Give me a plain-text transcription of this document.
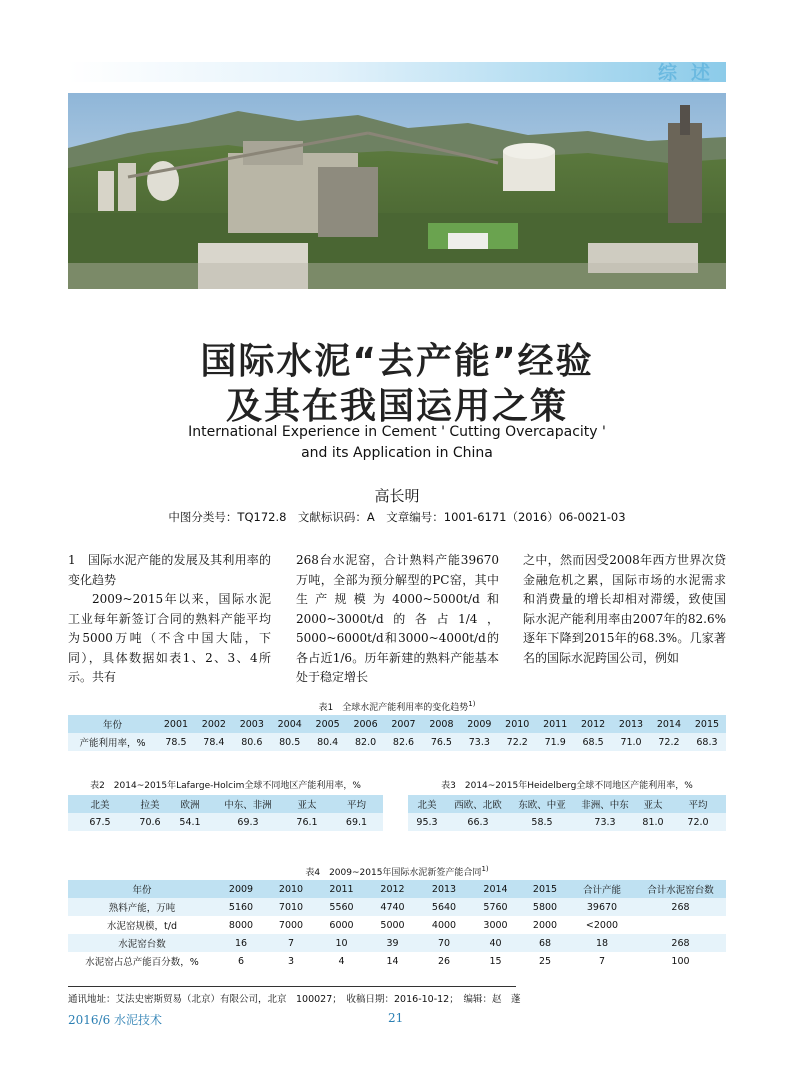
综述
国际水泥“去产能”经验
及其在我国运用之策
International Experience in Cement ' Cutting Overcapacity '
and its Application in China
高长明
中图分类号：TQ172.8　文献标识码：A　文章编号：1001-6171（2016）06-0021-03

1　国际水泥产能的发展及其利用率的变化趋势

2009~2015年以来，国际水泥工业每年新签订合同的熟料产能平均为5000万吨（不含中国大陆，下同），具体数据如表1、2、3、4所示。共有

268台水泥窑，合计熟料产能39670万吨，全部为预分解型的PC窑，其中生产规模为4000~5000t/d和2000~3000t/d的各占1/4，5000~6000t/d和3000~4000t/d的各占近1/6。历年新建的熟料产能基本处于稳定增长

之中，然而因受2008年西方世界次贷金融危机之累，国际市场的水泥需求和消费量的增长却相对滞缓，致使国际水泥产能利用率由2007年的82.6%逐年下降到2015年的68.3%。几家著名的国际水泥跨国公司，例如

表1　全球水泥产能利用率的变化趋势$^{1)}$
年份	2001	2002	2003	2004	2005	2006	2007	2008	2009	2010	2011	2012	2013	2014	2015
产能利用率，%	78.5	78.4	80.6	80.5	80.4	82.0	82.6	76.5	73.3	72.2	71.9	68.5	71.0	72.2	68.3
表2　2014~2015年Lafarge-Holcim全球不同地区产能利用率，%
北美	拉美	欧洲	中东、非洲	亚太	平均
67.5	70.6	54.1	69.3	76.1	69.1
表3　2014~2015年Heidelberg全球不同地区产能利用率，%
北美	西欧、北欧	东欧、中亚	非洲、中东	亚太	平均
95.3	66.3	58.5	73.3	81.0	72.0
表4　2009~2015年国际水泥新签产能合同$^{1)}$
年份	2009	2010	2011	2012	2013	2014	2015	合计产能	合计水泥窑台数
熟料产能，万吨	5160	7010	5560	4740	5640	5760	5800	39670	268
水泥窑规模，t/d	8000	7000	6000	5000	4000	3000	2000	<2000	
水泥窑台数	16	7	10	39	70	40	68	18	268
水泥窑占总产能百分数，%	6	3	4	14	26	15	25	7	100
通讯地址：艾法史密斯贸易（北京）有限公司，北京　100027；　收稿日期：2016-10-12；　编辑：赵　蓬
2016/6 水泥技术	21
